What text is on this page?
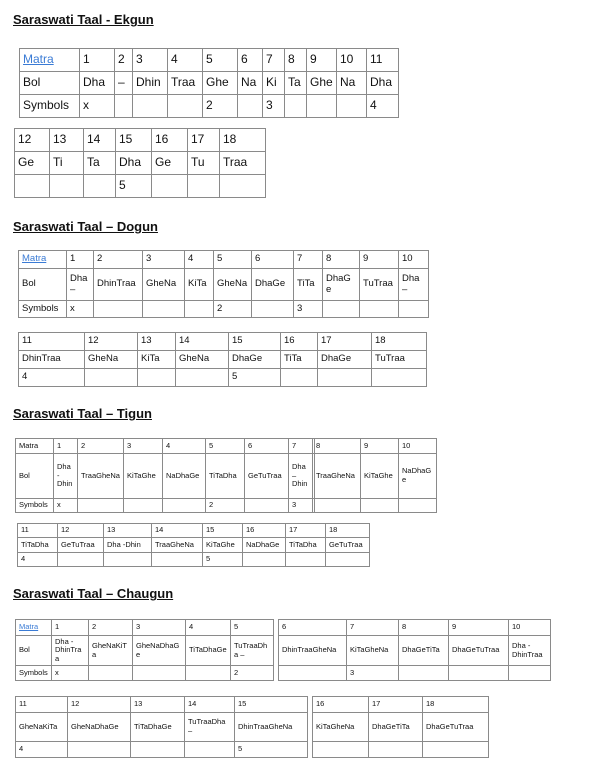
Saraswati Taal - Ekgun
Saraswati Taal – Dogun
Saraswati Taal – Tigun
Saraswati Taal – Chaugun
Matra	1	2	3	4	5	6	7	8	9	10	11
Bol	Dha	–	Dhin	Traa	Ghe	Na	Ki	Ta	Ghe	Na	Dha
Symbols	x				2		3				4
12	13	14	15	16	17	18
Ge	Ti	Ta	Dha	Ge	Tu	Traa
			5			
Matra	1	2	3	4	5	6	7	8	9	10
Bol	Dha –	DhinTraa	GheNa	KiTa	GheNa	DhaGe	TiTa	DhaGe	TuTraa	Dha –
Symbols	x				2		3			
11	12	13	14	15	16	17	18
DhinTraa	GheNa	KiTa	GheNa	DhaGe	TiTa	DhaGe	TuTraa
4				5			
Matra	1	2	3	4	5	6	7
Bol	Dha - Dhin	TraaGheNa	KiTaGhe	NaDhaGe	TiTaDha	GeTuTraa	Dha – Dhin
Symbols	x				2		3
8	9	10
TraaGheNa	KiTaGhe	NaDhaGe

11	12	13	14	15	16	17	18
TiTaDha	GeTuTraa	Dha -Dhin	TraaGheNa	KiTaGhe	NaDhaGe	TiTaDha	GeTuTraa
4				5			
Matra	1	2	3	4	5
Bol	Dha - DhinTraa	GheNaKiTa	GheNaDhaGe	TiTaDhaGe	TuTraaDha –
Symbols	x				2
6	7	8	9	10
DhinTraaGheNa	KiTaGheNa	DhaGeTiTa	DhaGeTuTraa	Dha - DhinTraa
	3			
11	12	13	14	15
GheNaKiTa	GheNaDhaGe	TiTaDhaGe	TuTraaDha –	DhinTraaGheNa
4				5
16	17	18
KiTaGheNa	DhaGeTiTa	DhaGeTuTraa
